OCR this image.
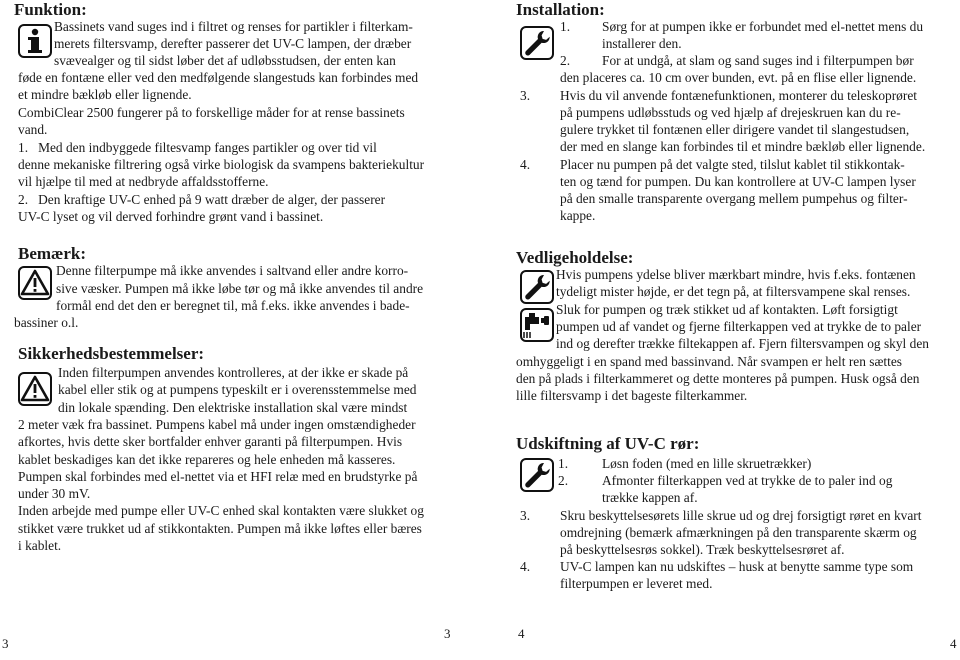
Funktion:

Bassinets vand suges ind i filtret og renses for partikler i filterkam-

merets filtersvamp, derefter passerer det UV-C lampen, der dræber

svævealger og til sidst løber det af udløbsstudsen, der enten kan

føde en fontæne eller ved den medfølgende slangestuds kan forbindes med

et mindre bækløb eller lignende.

CombiClear 2500 fungerer på to forskellige måder for at rense bassinets

vand.

1.   Med den indbyggede filtesvamp fanges partikler og over tid vil

denne mekaniske filtrering også virke biologisk da svampens bakteriekultur

vil hjælpe til med at nedbryde affaldsstofferne.

2.   Den kraftige UV-C enhed på 9 watt dræber de alger, der passerer

UV-C lyset og vil derved forhindre grønt vand i bassinet.

Bemærk:

Denne filterpumpe må ikke anvendes i saltvand eller andre korro-

sive væsker. Pumpen må ikke løbe tør og må ikke anvendes til andre

formål end det den er beregnet til, må f.eks. ikke anvendes i bade-

bassiner o.l.

Sikkerhedsbestemmelser:

Inden filterpumpen anvendes kontrolleres, at der ikke er skade på

kabel eller stik og at pumpens typeskilt er i overensstemmelse med

din lokale spænding. Den elektriske installation skal være mindst

2 meter væk fra bassinet. Pumpens kabel må under ingen omstændigheder

afkortes, hvis dette sker bortfalder enhver garanti på filterpumpen. Hvis

kablet beskadiges kan det ikke repareres og hele enheden må kasseres.

Pumpen skal forbindes med el-nettet via et HFI relæ med en brudstyrke på

under 30 mV.

Inden arbejde med pumpe eller UV-C enhed skal kontakten være slukket og

stikket være trukket ud af stikkontakten. Pumpen må ikke løftes eller bæres

i kablet.

Installation:
1. Sørg for at pumpen ikke er forbundet med el-nettet mens du

installerer den.

2. For at undgå, at slam og sand suges ind i filterpumpen bør

den placeres ca. 10 cm over bunden, evt. på en flise eller lignende.

3. Hvis du vil anvende fontænefunktionen, monterer du teleskoprøret

på pumpens udløbsstuds og ved hjælp af drejeskruen kan du re-

gulere trykket til fontænen eller dirigere vandet til slangestudsen,

der med en slange kan forbindes til et mindre bækløb eller lignende.

4. Placer nu pumpen på det valgte sted, tilslut kablet til stikkontak-

ten og tænd for pumpen. Du kan kontrollere at UV-C lampen lyser

på den smalle transparente overgang mellem pumpehus og filter-

kappe.

Vedligeholdelse:

Hvis pumpens ydelse bliver mærkbart mindre, hvis f.eks. fontænen

tydeligt mister højde, er det tegn på, at filtersvampene skal renses.

Sluk for pumpen og træk stikket ud af kontakten. Løft forsigtigt

pumpen ud af vandet og fjerne filterkappen ved at trykke de to paler

ind og derefter trække filtekappen af. Fjern filtersvampen og skyl den

omhyggeligt i en spand med bassinvand. Når svampen er helt ren sættes

den på plads i filterkammeret og dette monteres på pumpen. Husk også den

lille filtersvamp i det bageste filterkammer.

Udskiftning af UV-C rør:
1.	Løsn foden (med en lille skruetrækker)

2.	Afmonter filterkappen ved at trykke de to paler ind og

trække kappen af.

3. Skru beskyttelsesørets lille skrue ud og drej forsigtigt røret en kvart

omdrejning (bemærk afmærkningen på den transparente skærm og

på beskyttelsesrøs sokkel). Træk beskyttelsesrøret af.

4. UV-C lampen kan nu udskiftes – husk at benytte samme type som

filterpumpen er leveret med.

3
3	4
4
